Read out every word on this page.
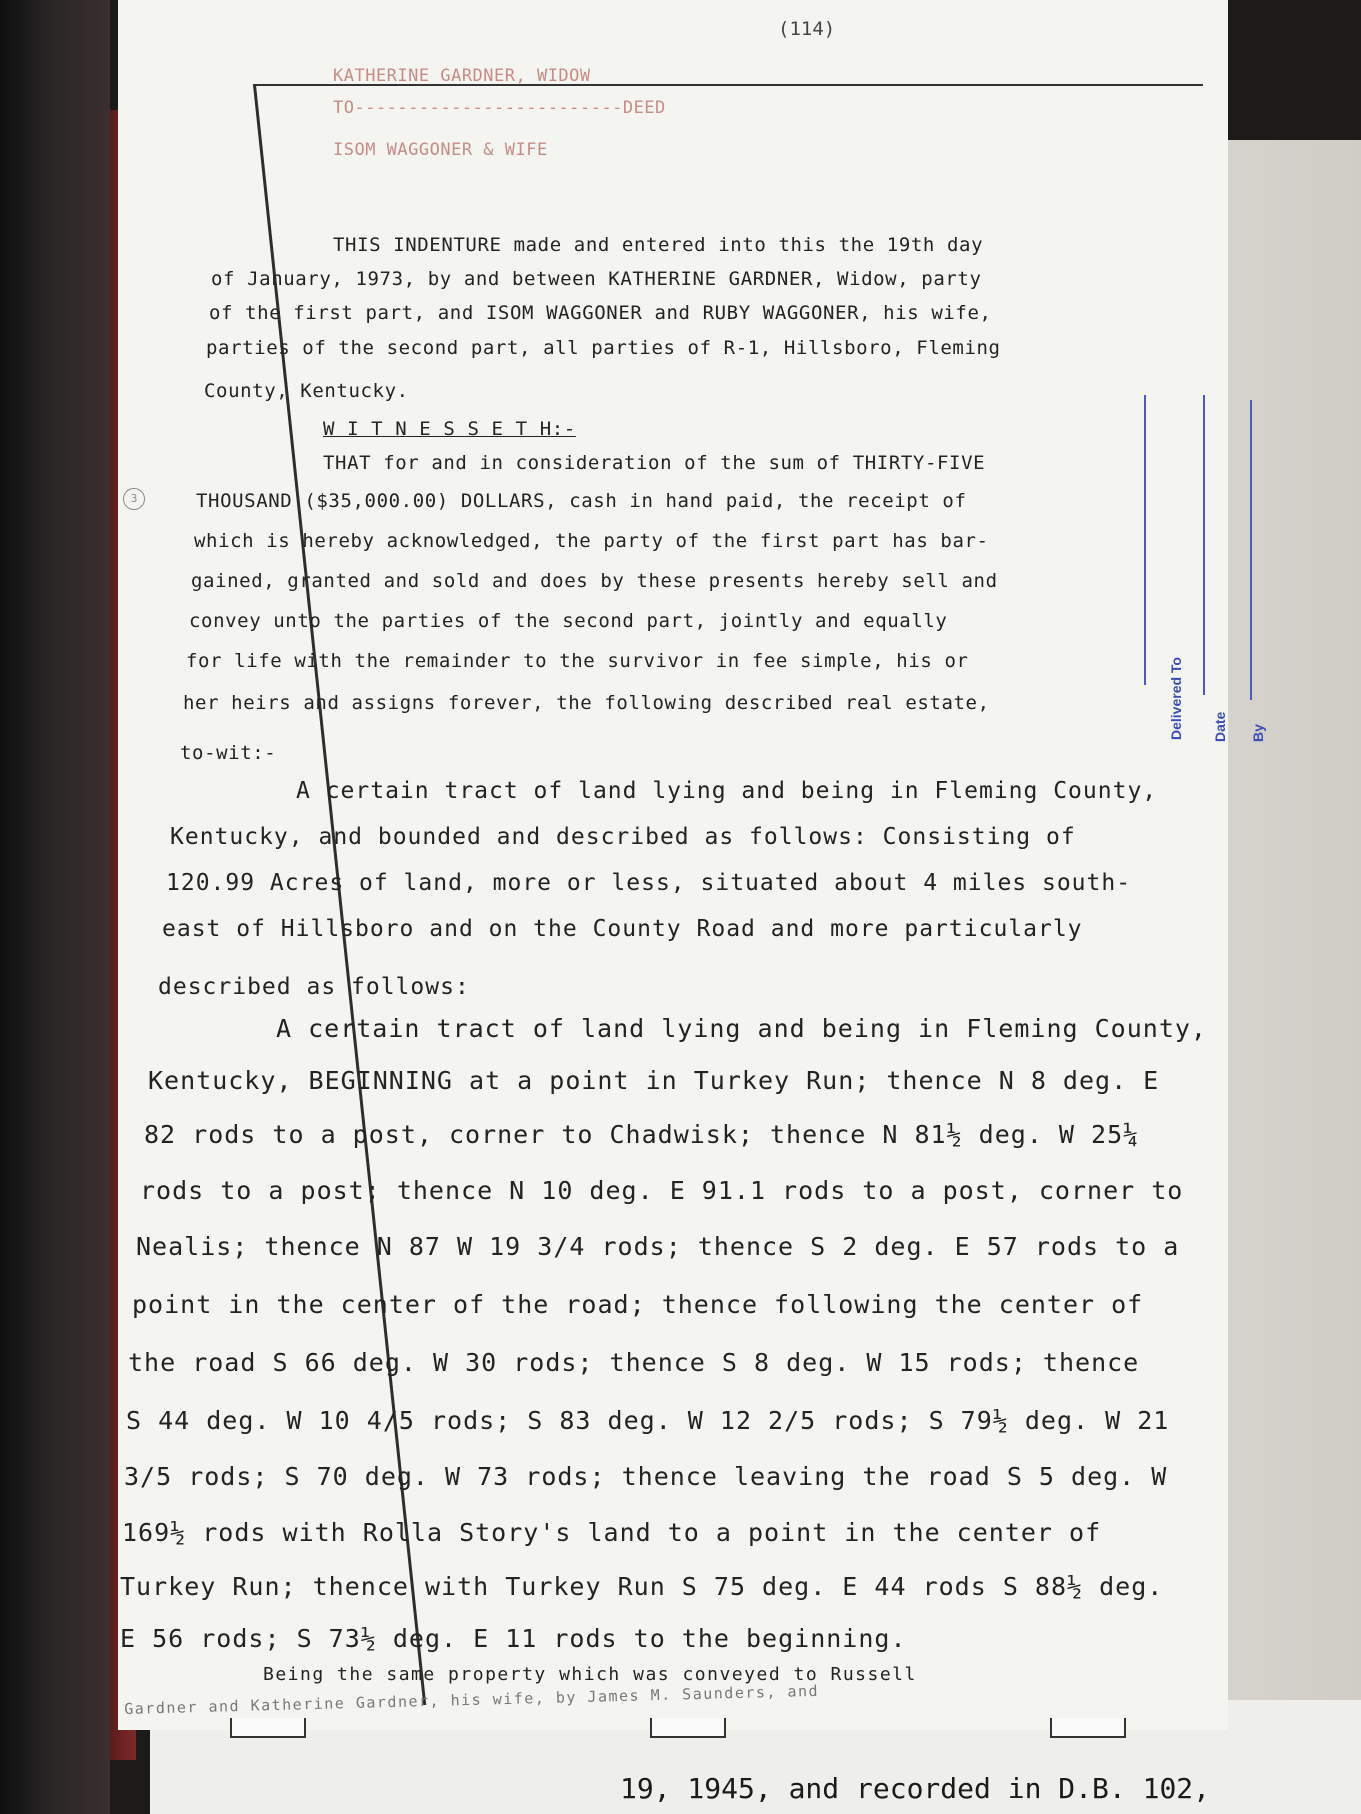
19, 1945, and recorded in D.B. 102,
(114)
KATHERINE GARDNER, WIDOW
TO-------------------------DEED
ISOM WAGGONER & WIFE
3
THIS INDENTURE made and entered into this the 19th day
of January, 1973, by and between KATHERINE GARDNER, Widow, party
of the first part, and ISOM WAGGONER and RUBY WAGGONER, his wife,
parties of the second part, all parties of R-1, Hillsboro, Fleming
County, Kentucky.
W I T N E S S E T H:-
THAT for and in consideration of the sum of THIRTY-FIVE
THOUSAND ($35,000.00) DOLLARS, cash in hand paid, the receipt of
which is hereby acknowledged, the party of the first part has bar-
gained, granted and sold and does by these presents hereby sell and
convey unto the parties of the second part, jointly and equally
for life with the remainder to the survivor in fee simple, his or
her heirs and assigns forever, the following described real estate,
to-wit:-
A certain tract of land lying and being in Fleming County,
Kentucky, and bounded and described as follows: Consisting of
120.99 Acres of land, more or less, situated about 4 miles south-
east of Hillsboro and on the County Road and more particularly
described as follows:
A certain tract of land lying and being in Fleming County,
Kentucky, BEGINNING at a point in Turkey Run; thence N 8 deg. E
82 rods to a post, corner to Chadwisk; thence N 81½ deg. W 25¼
rods to a post; thence N 10 deg. E 91.1 rods to a post, corner to
Nealis; thence N 87 W 19 3/4 rods; thence S 2 deg. E 57 rods to a
point in the center of the road; thence following the center of
the road S 66 deg. W 30 rods; thence S 8 deg. W 15 rods; thence
S 44 deg. W 10 4/5 rods; S 83 deg. W 12 2/5 rods; S 79½ deg. W 21
3/5 rods; S 70 deg. W 73 rods; thence leaving the road S 5 deg. W
169½ rods with Rolla Story's land to a point in the center of
Turkey Run; thence with Turkey Run S 75 deg. E 44 rods S 88½ deg.
E 56 rods; S 73½ deg. E 11 rods to the beginning.
Being the same property which was conveyed to Russell
Gardner and Katherine Gardner, his wife, by James M. Saunders, and
Delivered To Date By
